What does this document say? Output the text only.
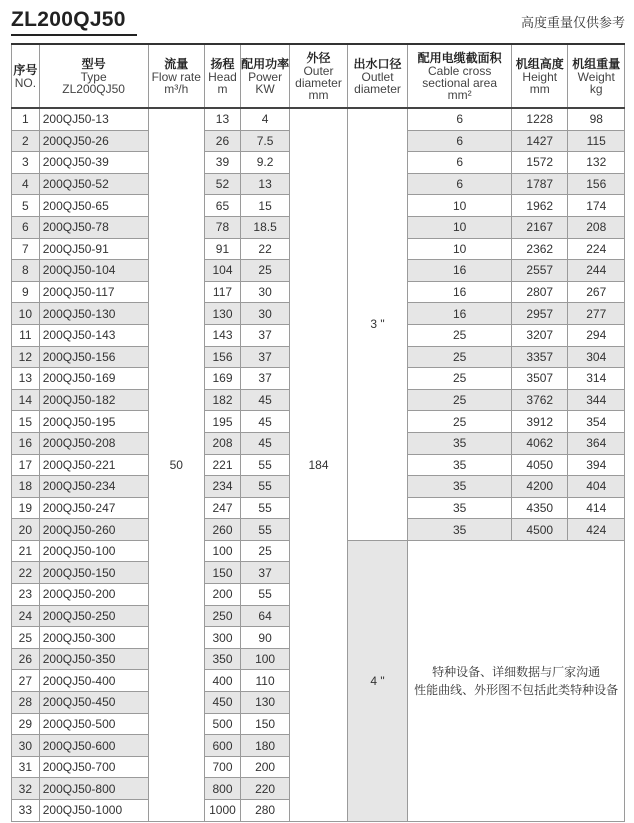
ZL200QJ50	高度重量仅供参考
序号
NO.	型号
Type
ZL200QJ50	流量
Flow rate
m³/h	扬程
Head
m	配用功率
Power
KW	外径
Outer
diameter
mm	出水口径
Outlet
diameter	配用电缆截面积
Cable cross
sectional area
mm²	机组高度
Height
mm	机组重量
Weight
kg

1	200QJ50-13	50	13	4	184	3 "	6	1228	98
2	200QJ50-26		26	7.5			6	1427	115
3	200QJ50-39		39	9.2			6	1572	132
4	200QJ50-52		52	13			6	1787	156
5	200QJ50-65		65	15			10	1962	174
6	200QJ50-78		78	18.5			10	2167	208
7	200QJ50-91		91	22			10	2362	224
8	200QJ50-104		104	25			16	2557	244
9	200QJ50-117		117	30			16	2807	267
10	200QJ50-130		130	30			16	2957	277
11	200QJ50-143		143	37			25	3207	294
12	200QJ50-156		156	37			25	3357	304
13	200QJ50-169		169	37			25	3507	314
14	200QJ50-182		182	45			25	3762	344
15	200QJ50-195		195	45			25	3912	354
16	200QJ50-208		208	45			35	4062	364
17	200QJ50-221		221	55			35	4050	394
18	200QJ50-234		234	55			35	4200	404
19	200QJ50-247		247	55			35	4350	414
20	200QJ50-260		260	55			35	4500	424
21	200QJ50-100		100	25		4 "	特种设备、详细数据与厂家沟通
性能曲线、外形图不包括此类特种设备		

22	200QJ50-150		150	37					
23	200QJ50-200		200	55					
24	200QJ50-250		250	64					
25	200QJ50-300		300	90					
26	200QJ50-350		350	100					
27	200QJ50-400		400	110					
28	200QJ50-450		450	130					
29	200QJ50-500		500	150					
30	200QJ50-600		600	180					
31	200QJ50-700		700	200					
32	200QJ50-800		800	220					
33	200QJ50-1000		1000	280					
